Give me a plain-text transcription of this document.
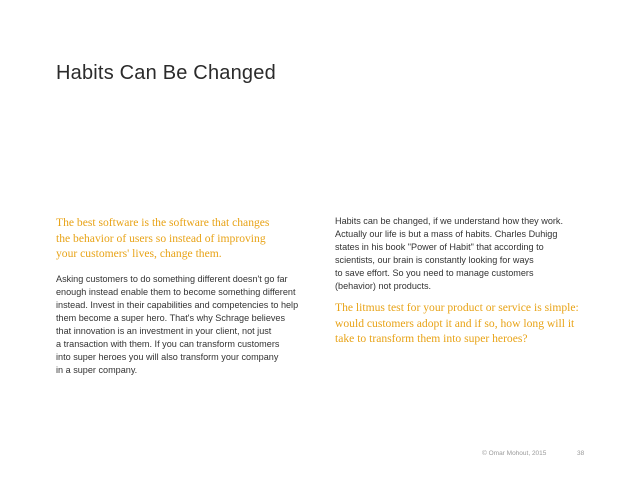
Habits Can Be Changed

The best software is the software that changes
the behavior of users so instead of improving
your customers' lives, change them.

Asking customers to do something different doesn't go far
enough instead enable them to become something different
instead. Invest in their capabilities and competencies to help
them become a super hero. That's why Schrage believes
that innovation is an investment in your client, not just
a transaction with them. If you can transform customers
into super heroes you will also transform your company
in a super company.

Habits can be changed, if we understand how they work.
Actually our life is but a mass of habits. Charles Duhigg
states in his book "Power of Habit" that according to
scientists, our brain is constantly looking for ways
to save effort. So you need to manage customers
(behavior) not products.

The litmus test for your product or service is simple:
would customers adopt it and if so, how long will it
take to transform them into super heroes?

© Omar Mohout, 2015	38
